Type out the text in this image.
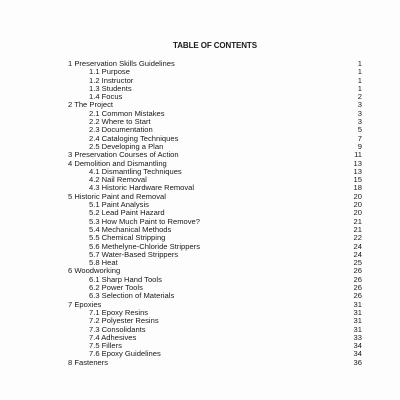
TABLE OF CONTENTS
1 Preservation Skills Guidelines	1
1.1 Purpose	1
1.2 Instructor	1
1.3 Students	1
1.4 Focus	2
2 The Project	3
2.1 Common Mistakes	3
2.2 Where to Start	3
2.3 Documentation	5
2.4 Cataloging Techniques	7
2.5 Developing a Plan	9
3 Preservation Courses of Action	11
4 Demolition and Dismantling	13
4.1 Dismantling Techniques	13
4.2 Nail Removal	15
4.3 Historic Hardware Removal	18
5 Historic Paint and Removal	20
5.1 Paint Analysis	20
5.2 Lead Paint Hazard	20
5.3 How Much Paint to Remove?	21
5.4 Mechanical Methods	21
5.5 Chemical Stripping	22
5.6 Methelyne-Chloride Strippers	24
5.7 Water-Based Strippers	24
5.8 Heat	25
6 Woodworking	26
6.1 Sharp Hand Tools	26
6.2 Power Tools	26
6.3 Selection of Materials	26
7 Epoxies	31
7.1 Epoxy Resins	31
7.2 Polyester Resins	31
7.3 Consolidants	31
7.4 Adhesives	33
7.5 Fillers	34
7.6 Epoxy Guidelines	34
8 Fasteners	36
